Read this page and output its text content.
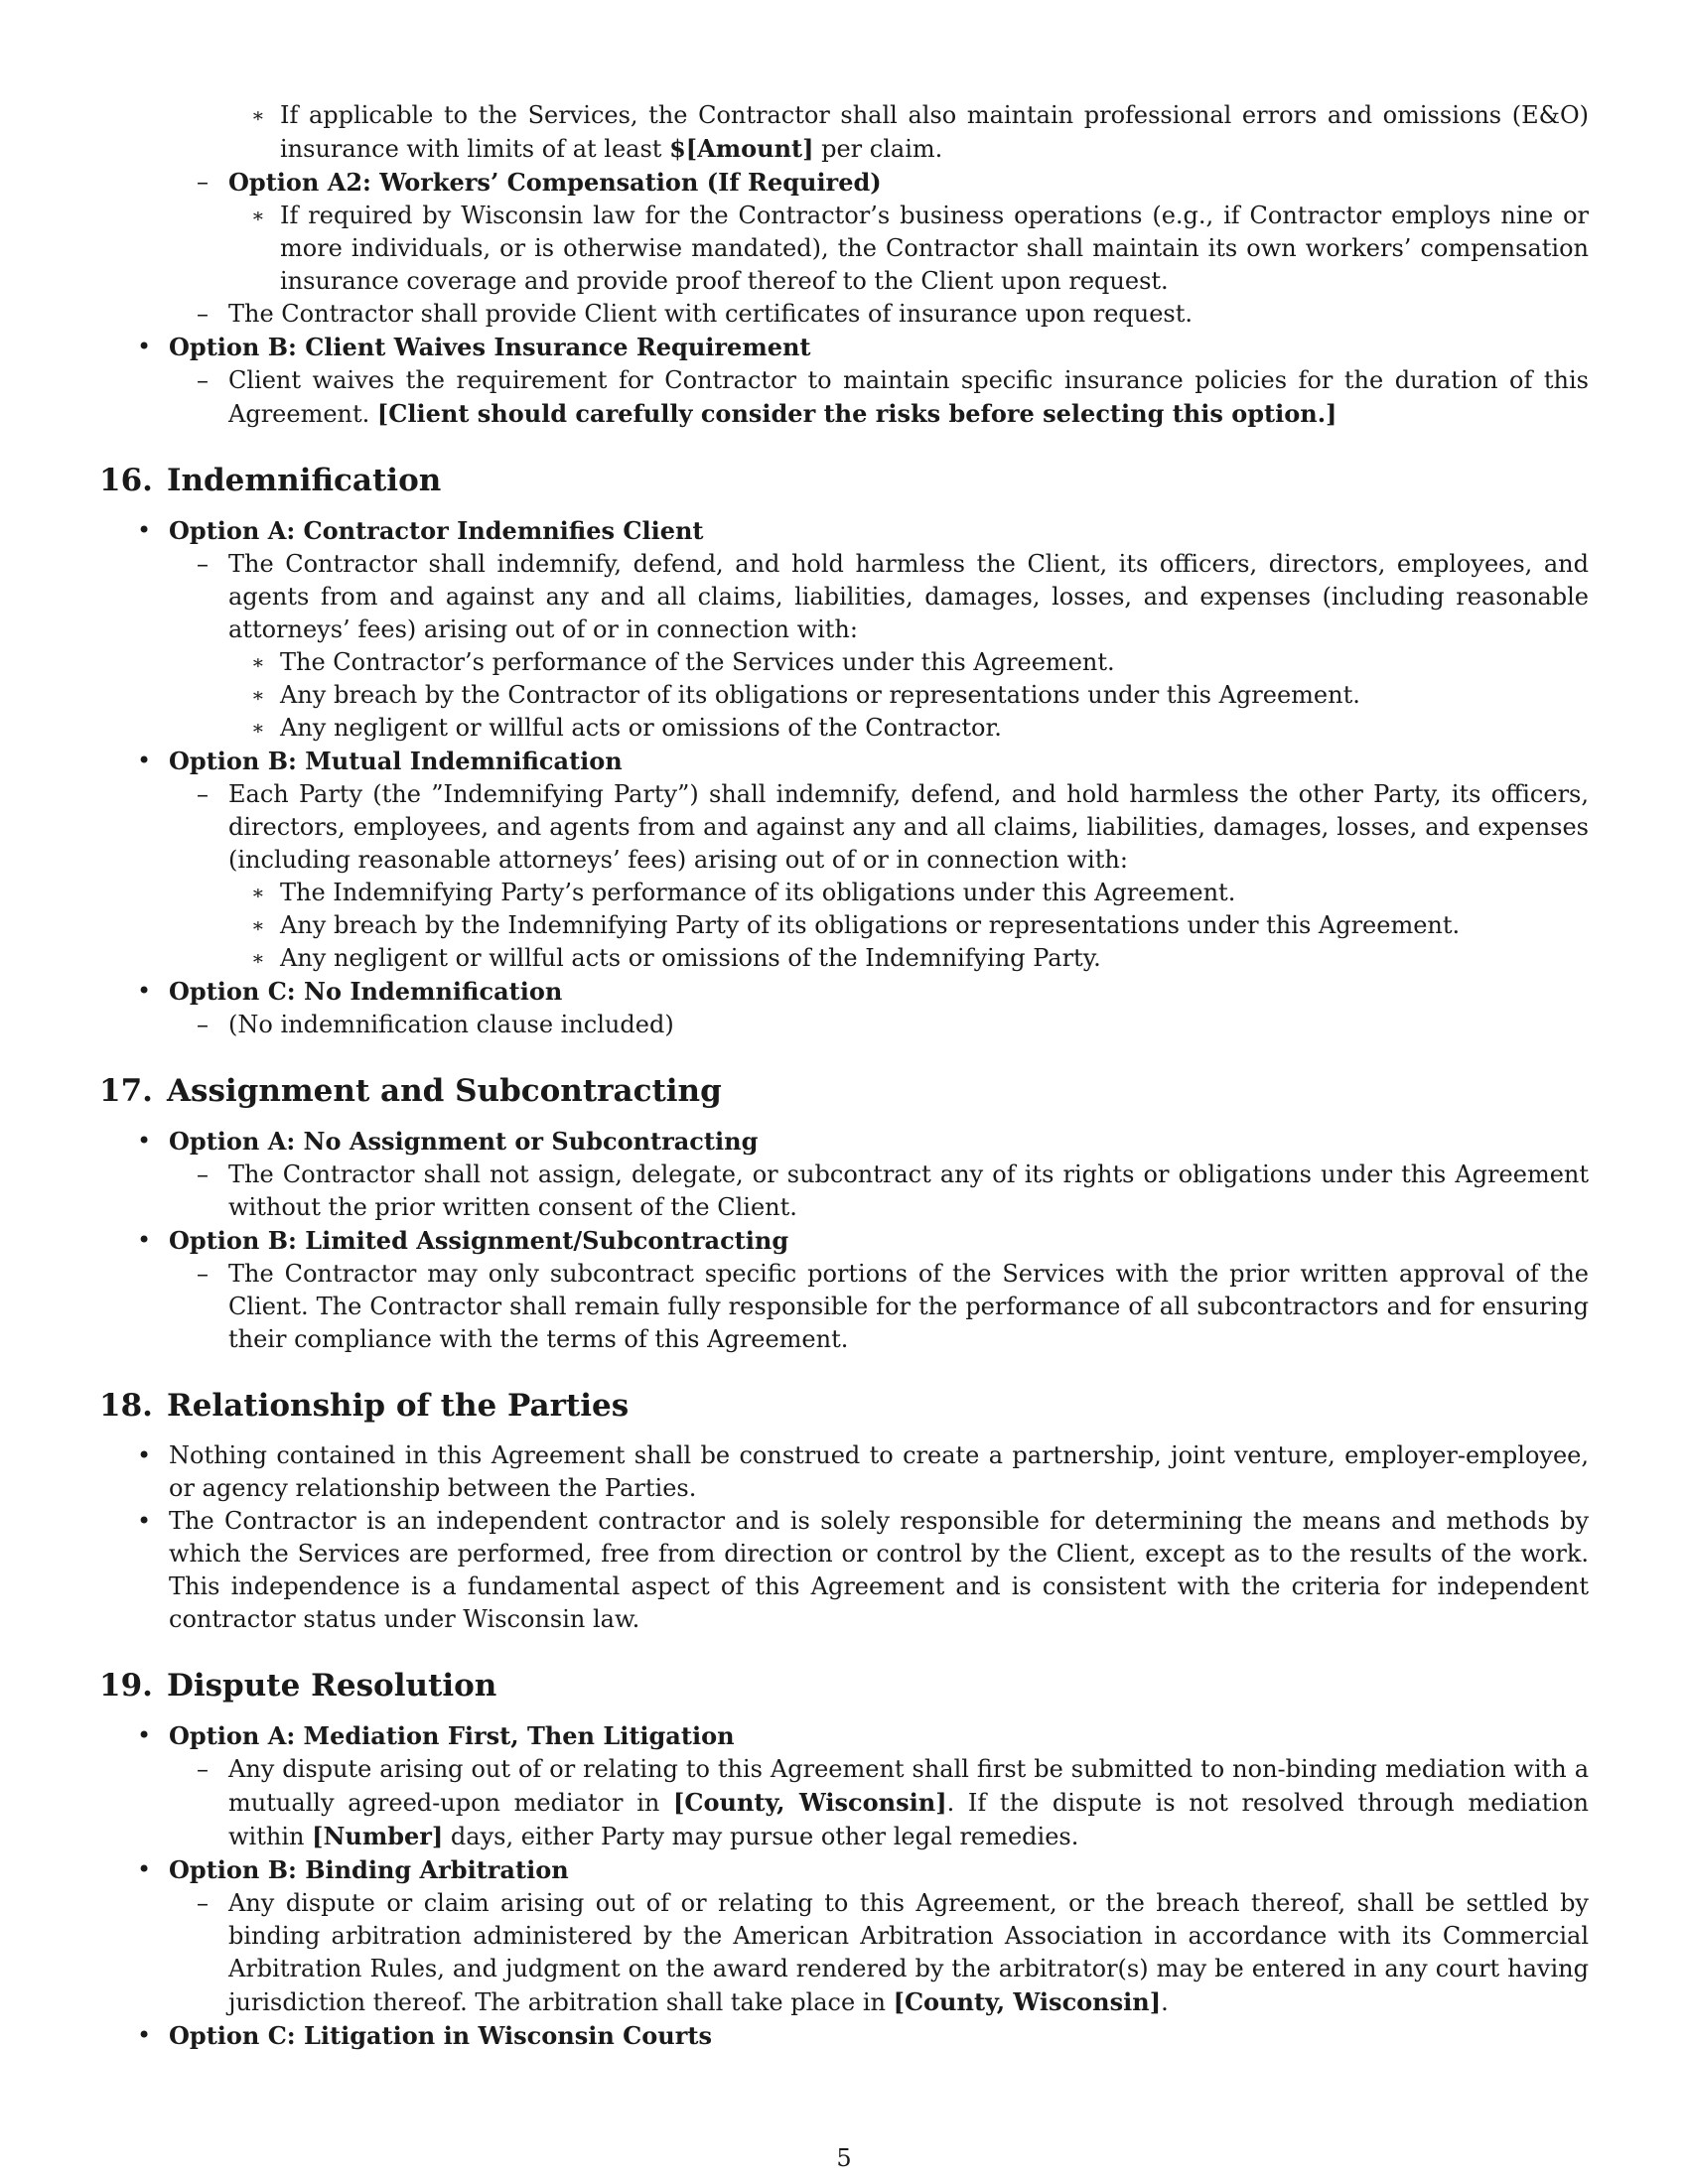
∗ If applicable to the Services, the Contractor shall also maintain professional errors and omissions (E&O) insurance with limits of at least $[Amount] per claim.

– Option A2: Workers’ Compensation (If Required)

∗ If required by Wisconsin law for the Contractor’s business operations (e.g., if Contractor employs nine or more individuals, or is otherwise mandated), the Contractor shall maintain its own workers’ compensation insurance coverage and provide proof thereof to the Client upon request.

– The Contractor shall provide Client with certificates of insurance upon request.

• Option B: Client Waives Insurance Requirement

– Client waives the requirement for Contractor to maintain specific insurance policies for the duration of this Agreement. [Client should carefully consider the risks before selecting this option.]

16. Indemnification

• Option A: Contractor Indemnifies Client

– The Contractor shall indemnify, defend, and hold harmless the Client, its officers, directors, employees, and agents from and against any and all claims, liabilities, damages, losses, and expenses (including reasonable attorneys’ fees) arising out of or in connection with:

∗ The Contractor’s performance of the Services under this Agreement.

∗ Any breach by the Contractor of its obligations or representations under this Agreement.

∗ Any negligent or willful acts or omissions of the Contractor.

• Option B: Mutual Indemnification

– Each Party (the ”Indemnifying Party”) shall indemnify, defend, and hold harmless the other Party, its officers, directors, employees, and agents from and against any and all claims, liabilities, damages, losses, and expenses (including reasonable attorneys’ fees) arising out of or in connection with:

∗ The Indemnifying Party’s performance of its obligations under this Agreement.

∗ Any breach by the Indemnifying Party of its obligations or representations under this Agreement.

∗ Any negligent or willful acts or omissions of the Indemnifying Party.

• Option C: No Indemnification

– (No indemnification clause included)

17. Assignment and Subcontracting

• Option A: No Assignment or Subcontracting

– The Contractor shall not assign, delegate, or subcontract any of its rights or obligations under this Agreement without the prior written consent of the Client.

• Option B: Limited Assignment/Subcontracting

– The Contractor may only subcontract specific portions of the Services with the prior written approval of the Client. The Contractor shall remain fully responsible for the performance of all subcontractors and for ensuring their compliance with the terms of this Agreement.

18. Relationship of the Parties

• Nothing contained in this Agreement shall be construed to create a partnership, joint venture, employer-employee, or agency relationship between the Parties.

• The Contractor is an independent contractor and is solely responsible for determining the means and methods by which the Services are performed, free from direction or control by the Client, except as to the results of the work. This independence is a fundamental aspect of this Agreement and is consistent with the criteria for independent contractor status under Wisconsin law.

19. Dispute Resolution

• Option A: Mediation First, Then Litigation

– Any dispute arising out of or relating to this Agreement shall first be submitted to non-binding mediation with a mutually agreed-upon mediator in [County, Wisconsin]. If the dispute is not resolved through mediation within [Number] days, either Party may pursue other legal remedies.

• Option B: Binding Arbitration

– Any dispute or claim arising out of or relating to this Agreement, or the breach thereof, shall be settled by binding arbitration administered by the American Arbitration Association in accordance with its Commercial Arbitration Rules, and judgment on the award rendered by the arbitrator(s) may be entered in any court having jurisdiction thereof. The arbitration shall take place in [County, Wisconsin].

• Option C: Litigation in Wisconsin Courts

5
